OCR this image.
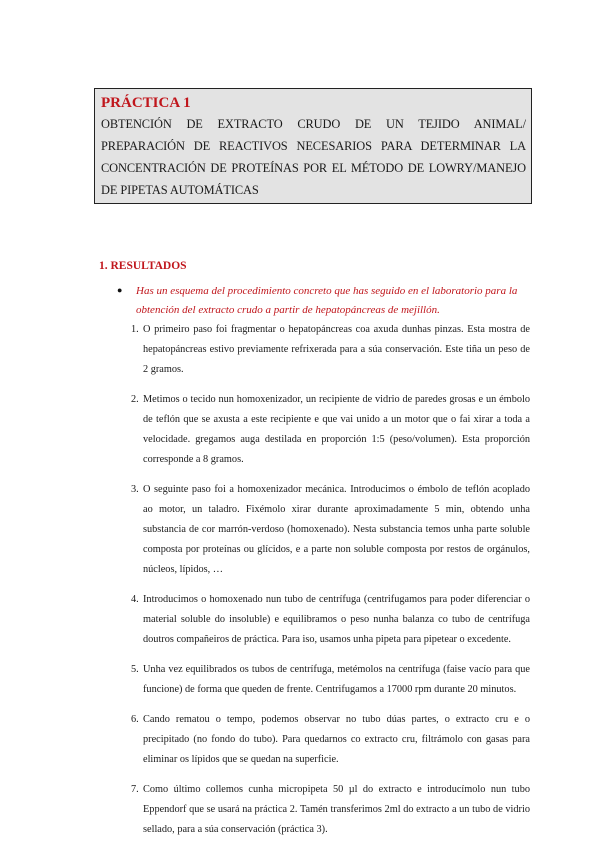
PRÁCTICA 1

OBTENCIÓN DE EXTRACTO CRUDO DE UN TEJIDO ANIMAL/ PREPARACIÓN DE REACTIVOS NECESARIOS PARA DETERMINAR LA CONCENTRACIÓN DE PROTEÍNAS POR EL MÉTODO DE LOWRY/MANEJO DE PIPETAS AUTOMÁTICAS

1. RESULTADOS

● Has un esquema del procedimiento concreto que has seguido en el laboratorio para la obtención del extracto crudo a partir de hepatopáncreas de mejillón.

1. O primeiro paso foi fragmentar o hepatopáncreas coa axuda dunhas pinzas. Esta mostra de hepatopáncreas estivo previamente refrixerada para a súa conservación. Este tiña un peso de 2 gramos.
2. Metimos o tecido nun homoxenizador, un recipiente de vidrio de paredes grosas e un émbolo de teflón que se axusta a este recipiente e que vai unido a un motor que o fai xirar a toda a velocidade. gregamos auga destilada en proporción 1:5 (peso/volumen). Esta proporción corresponde a 8 gramos.
3. O seguinte paso foi a homoxenizador mecánica. Introducimos o émbolo de teflón acoplado ao motor, un taladro. Fixémolo xirar durante aproximadamente 5 min, obtendo unha substancia de cor marrón-verdoso (homoxenado). Nesta substancia temos unha parte soluble composta por proteínas ou glícidos, e a parte non soluble composta por restos de orgánulos, núcleos, lípidos, …
4. Introducimos o homoxenado nun tubo de centrífuga (centrifugamos para poder diferenciar o material soluble do insoluble) e equilibramos o peso nunha balanza co tubo de centrífuga doutros compañeiros de práctica. Para iso, usamos unha pipeta para pipetear o excedente.
5. Unha vez equilibrados os tubos de centrífuga, metémolos na centrífuga (faise vacío para que funcione) de forma que queden de frente. Centrifugamos a 17000 rpm durante 20 minutos.
6. Cando rematou o tempo, podemos observar no tubo dúas partes, o extracto cru e o precipitado (no fondo do tubo). Para quedarnos co extracto cru, filtrámolo con gasas para eliminar os lípidos que se quedan na superficie.
7. Como último collemos cunha micropipeta 50 µl do extracto e introducímolo nun tubo Eppendorf que se usará na práctica 2. Tamén transferimos 2ml do extracto a un tubo de vidrio sellado, para a súa conservación (práctica 3).
